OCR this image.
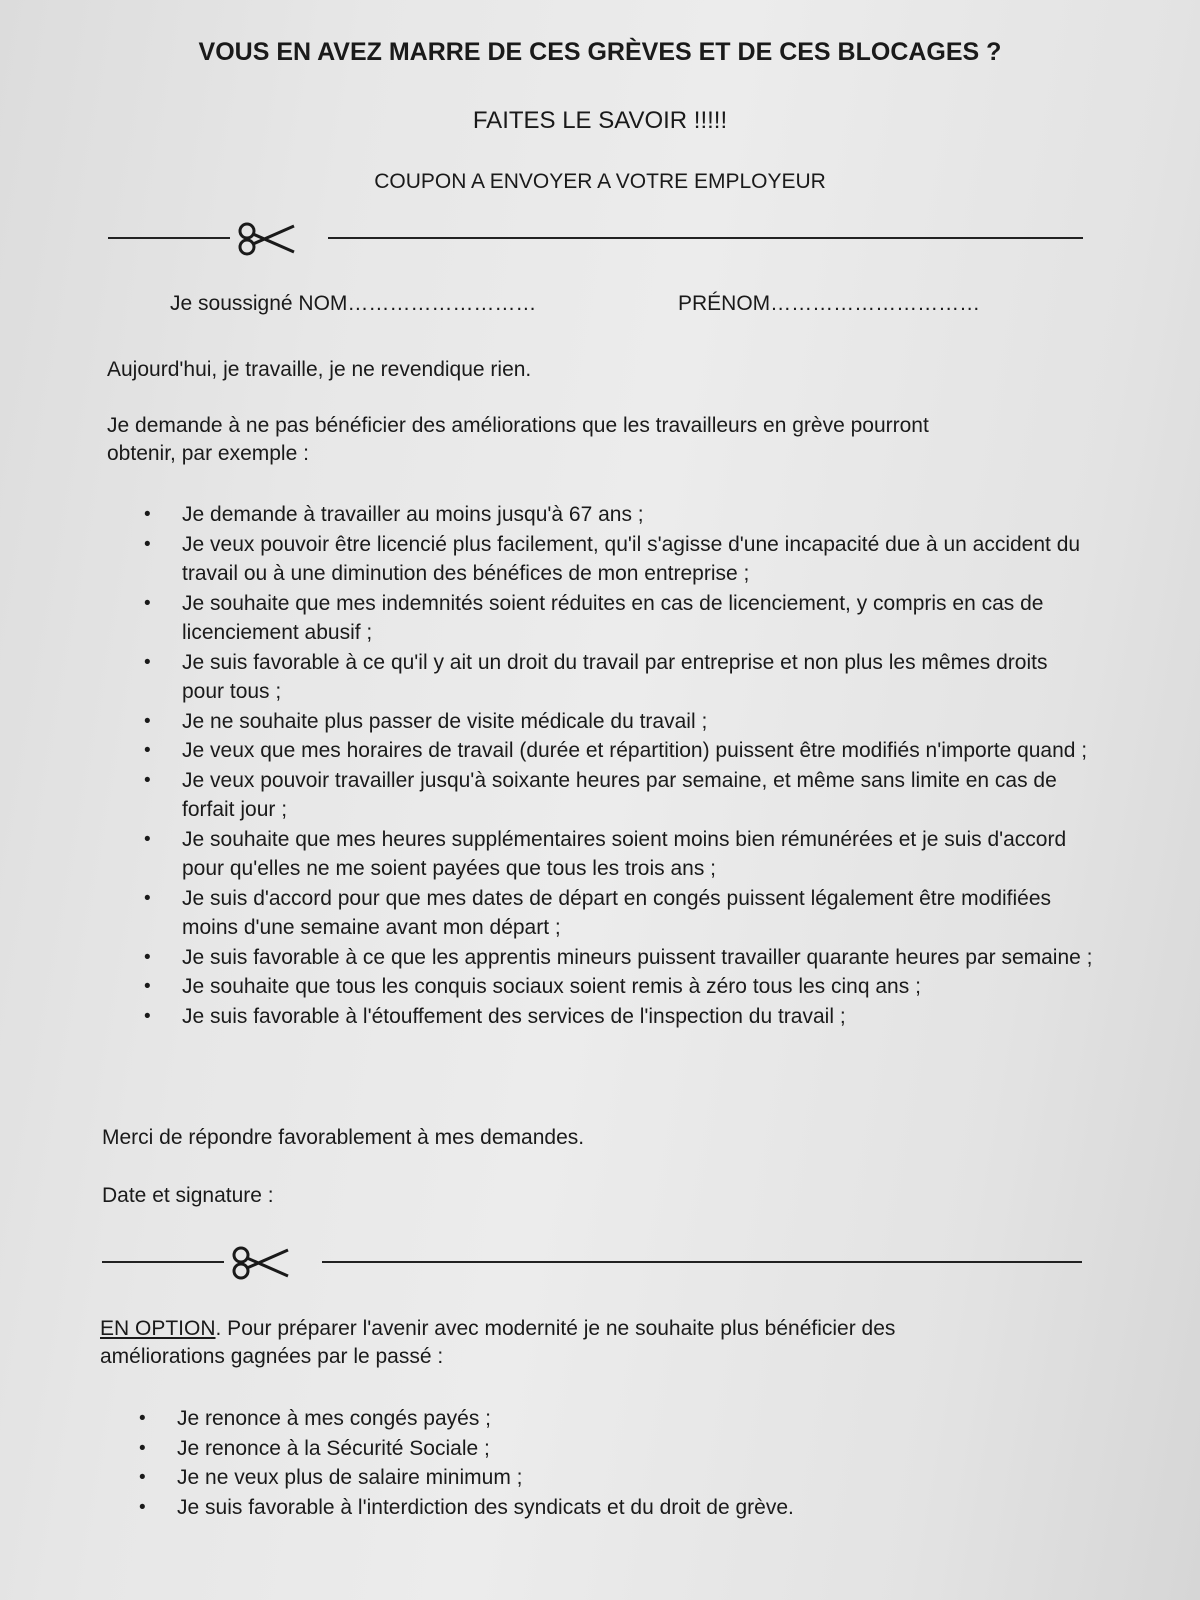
VOUS EN AVEZ MARRE DE CES GRÈVES ET DE CES BLOCAGES ?
FAITES LE SAVOIR !!!!!
COUPON A ENVOYER A VOTRE EMPLOYEUR
Je soussigné NOM………………………	PRÉNOM…………………………
Aujourd'hui, je travaille, je ne revendique rien.
Je demande à ne pas bénéficier des améliorations que les travailleurs en grève pourront
obtenir, par exemple :
• Je demande à travailler au moins jusqu'à 67 ans ;
• Je veux pouvoir être licencié plus facilement, qu'il s'agisse d'une incapacité due à un accident du travail ou à une diminution des bénéfices de mon entreprise ;
• Je souhaite que mes indemnités soient réduites en cas de licenciement, y compris en cas de licenciement abusif ;
• Je suis favorable à ce qu'il y ait un droit du travail par entreprise et non plus les mêmes droits pour tous ;
• Je ne souhaite plus passer de visite médicale du travail ;
• Je veux que mes horaires de travail (durée et répartition) puissent être modifiés n'importe quand ;
• Je veux pouvoir travailler jusqu'à soixante heures par semaine, et même sans limite en cas de forfait jour ;
• Je souhaite que mes heures supplémentaires soient moins bien rémunérées et je suis d'accord pour qu'elles ne me soient payées que tous les trois ans ;
• Je suis d'accord pour que mes dates de départ en congés puissent légalement être modifiées moins d'une semaine avant mon départ ;
• Je suis favorable à ce que les apprentis mineurs puissent travailler quarante heures par semaine ;
• Je souhaite que tous les conquis sociaux soient remis à zéro tous les cinq ans ;
• Je suis favorable à l'étouffement des services de l'inspection du travail ;
Merci de répondre favorablement à mes demandes.
Date et signature :
EN OPTION. Pour préparer l'avenir avec modernité je ne souhaite plus bénéficier des
améliorations gagnées par le passé :
• Je renonce à mes congés payés ;
• Je renonce à la Sécurité Sociale ;
• Je ne veux plus de salaire minimum ;
• Je suis favorable à l'interdiction des syndicats et du droit de grève.
